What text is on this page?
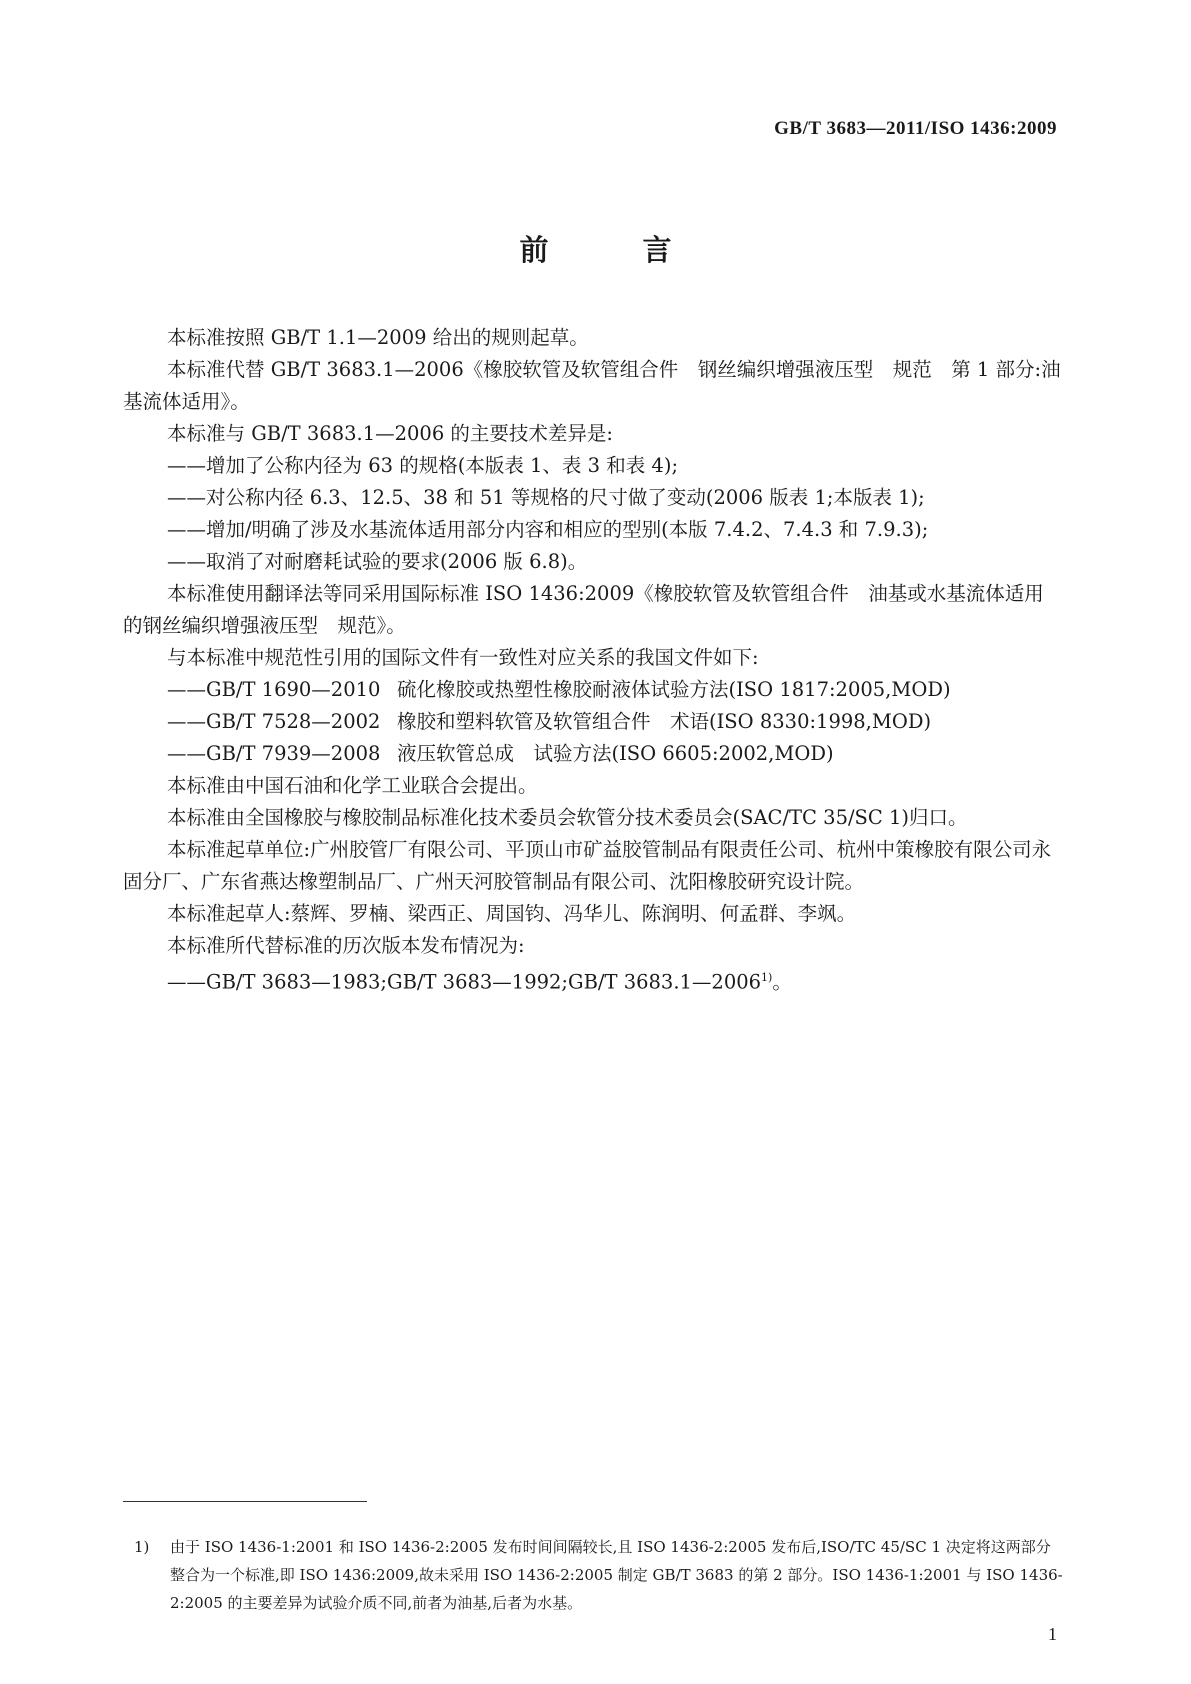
GB/T 3683—2011/ISO 1436:2009
前 言

本标准按照 GB/T 1.1—2009 给出的规则起草。

本标准代替 GB/T 3683.1—2006《橡胶软管及软管组合件　钢丝编织增强液压型　规范　第 1 部分:油基流体适用》。

本标准与 GB/T 3683.1—2006 的主要技术差异是:

——增加了公称内径为 63 的规格(本版表 1、表 3 和表 4);

——对公称内径 6.3、12.5、38 和 51 等规格的尺寸做了变动(2006 版表 1;本版表 1);

——增加/明确了涉及水基流体适用部分内容和相应的型别(本版 7.4.2、7.4.3 和 7.9.3);

——取消了对耐磨耗试验的要求(2006 版 6.8)。

本标准使用翻译法等同采用国际标准 ISO 1436:2009《橡胶软管及软管组合件　油基或水基流体适用的钢丝编织增强液压型　规范》。

与本标准中规范性引用的国际文件有一致性对应关系的我国文件如下:

——GB/T 1690—2010 硫化橡胶或热塑性橡胶耐液体试验方法(ISO 1817:2005,MOD)

——GB/T 7528—2002 橡胶和塑料软管及软管组合件　术语(ISO 8330:1998,MOD)

——GB/T 7939—2008 液压软管总成　试验方法(ISO 6605:2002,MOD)

本标准由中国石油和化学工业联合会提出。

本标准由全国橡胶与橡胶制品标准化技术委员会软管分技术委员会(SAC/TC 35/SC 1)归口。

本标准起草单位:广州胶管厂有限公司、平顶山市矿益胶管制品有限责任公司、杭州中策橡胶有限公司永固分厂、广东省燕达橡塑制品厂、广州天河胶管制品有限公司、沈阳橡胶研究设计院。

本标准起草人:蔡辉、罗楠、梁西正、周国钧、冯华儿、陈润明、何孟群、李飒。

本标准所代替标准的历次版本发布情况为:

——GB/T 3683—1983;GB/T 3683—1992;GB/T 3683.1—2006$^{1)}$。

1) 由于 ISO 1436-1:2001 和 ISO 1436-2:2005 发布时间间隔较长,且 ISO 1436-2:2005 发布后,ISO/TC 45/SC 1 决定将这两部分整合为一个标准,即 ISO 1436:2009,故未采用 ISO 1436-2:2005 制定 GB/T 3683 的第 2 部分。ISO 1436-1:2001 与 ISO 1436-2:2005 的主要差异为试验介质不同,前者为油基,后者为水基。
1
